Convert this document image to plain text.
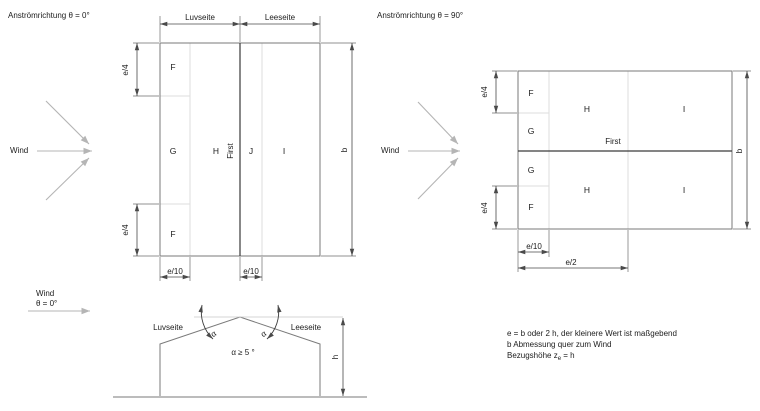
Anströmrichtung θ = 0°
Wind
F
G	H	J	I
F
First
Luvseite	Leeseite
b
e/4
e/4
e/10	e/10
Wind
θ = 0°
α	α
Luvseite	Leeseite
α ≥ 5 °	h
Anströmrichtung θ = 90°
Wind
F
H	I
G
First
G
H	I
F
e/4
e/4
b
e/10
e/2
e = b oder 2 h, der kleinere Wert ist maßgebend
b Abmessung quer zum Wind
Bezugshöhe $z_e = h$
